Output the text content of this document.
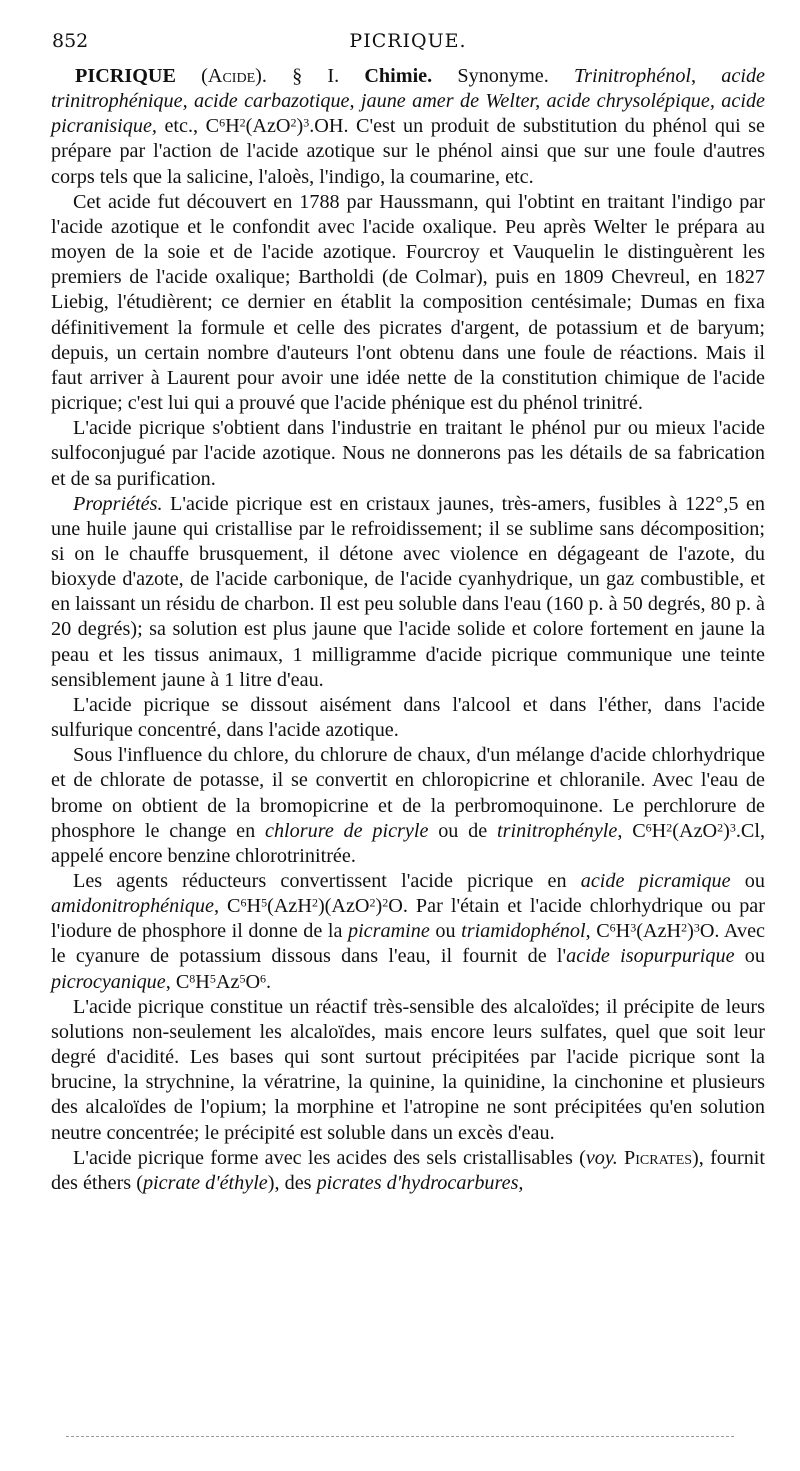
852	PICRIQUE.

PICRIQUE (Acide). § I. Chimie. Synonyme. Trinitrophénol, acide trinitrophénique, acide carbazotique, jaune amer de Welter, acide chrysolépique, acide picranisique, etc., $C^6H^2(AzO^2)^3.OH$. C'est un produit de substitution du phénol qui se prépare par l'action de l'acide azotique sur le phénol ainsi que sur une foule d'autres corps tels que la salicine, l'aloès, l'indigo, la coumarine, etc.

Cet acide fut découvert en 1788 par Haussmann, qui l'obtint en traitant l'indigo par l'acide azotique et le confondit avec l'acide oxalique. Peu après Welter le prépara au moyen de la soie et de l'acide azotique. Fourcroy et Vauquelin le distinguèrent les premiers de l'acide oxalique; Bartholdi (de Colmar), puis en 1809 Chevreul, en 1827 Liebig, l'étudièrent; ce dernier en établit la composition centésimale; Dumas en fixa définitivement la formule et celle des picrates d'argent, de potassium et de baryum; depuis, un certain nombre d'auteurs l'ont obtenu dans une foule de réactions. Mais il faut arriver à Laurent pour avoir une idée nette de la constitution chimique de l'acide picrique; c'est lui qui a prouvé que l'acide phénique est du phénol trinitré.

L'acide picrique s'obtient dans l'industrie en traitant le phénol pur ou mieux l'acide sulfoconjugué par l'acide azotique. Nous ne donnerons pas les détails de sa fabrication et de sa purification.

Propriétés. L'acide picrique est en cristaux jaunes, très-amers, fusibles à 122°,5 en une huile jaune qui cristallise par le refroidissement; il se sublime sans décomposition; si on le chauffe brusquement, il détone avec violence en dégageant de l'azote, du bioxyde d'azote, de l'acide carbonique, de l'acide cyanhydrique, un gaz combustible, et en laissant un résidu de charbon. Il est peu soluble dans l'eau (160 p. à 50 degrés, 80 p. à 20 degrés); sa solution est plus jaune que l'acide solide et colore fortement en jaune la peau et les tissus animaux, 1 milligramme d'acide picrique communique une teinte sensiblement jaune à 1 litre d'eau.

L'acide picrique se dissout aisément dans l'alcool et dans l'éther, dans l'acide sulfurique concentré, dans l'acide azotique.

Sous l'influence du chlore, du chlorure de chaux, d'un mélange d'acide chlorhydrique et de chlorate de potasse, il se convertit en chloropicrine et chloranile. Avec l'eau de brome on obtient de la bromopicrine et de la perbromoquinone. Le perchlorure de phosphore le change en chlorure de picryle ou de trinitrophényle, $C^6H^2(AzO^2)^3.Cl$, appelé encore benzine chlorotrinitrée.

Les agents réducteurs convertissent l'acide picrique en acide picramique ou amidonitrophénique, $C^6H^5(AzH^2)(AzO^2)^2O$. Par l'étain et l'acide chlorhydrique ou par l'iodure de phosphore il donne de la picramine ou triamidophénol, $C^6H^3(AzH^2)^3O$. Avec le cyanure de potassium dissous dans l'eau, il fournit de l'acide isopurpurique ou picrocyanique, $C^8H^5Az^5O^6$.

L'acide picrique constitue un réactif très-sensible des alcaloïdes; il précipite de leurs solutions non-seulement les alcaloïdes, mais encore leurs sulfates, quel que soit leur degré d'acidité. Les bases qui sont surtout précipitées par l'acide picrique sont la brucine, la strychnine, la vératrine, la quinine, la quinidine, la cinchonine et plusieurs des alcaloïdes de l'opium; la morphine et l'atropine ne sont précipitées qu'en solution neutre concentrée; le précipité est soluble dans un excès d'eau.

L'acide picrique forme avec les acides des sels cristallisables (voy. Picrates), fournit des éthers (picrate d'éthyle), des picrates d'hydrocarbures,
